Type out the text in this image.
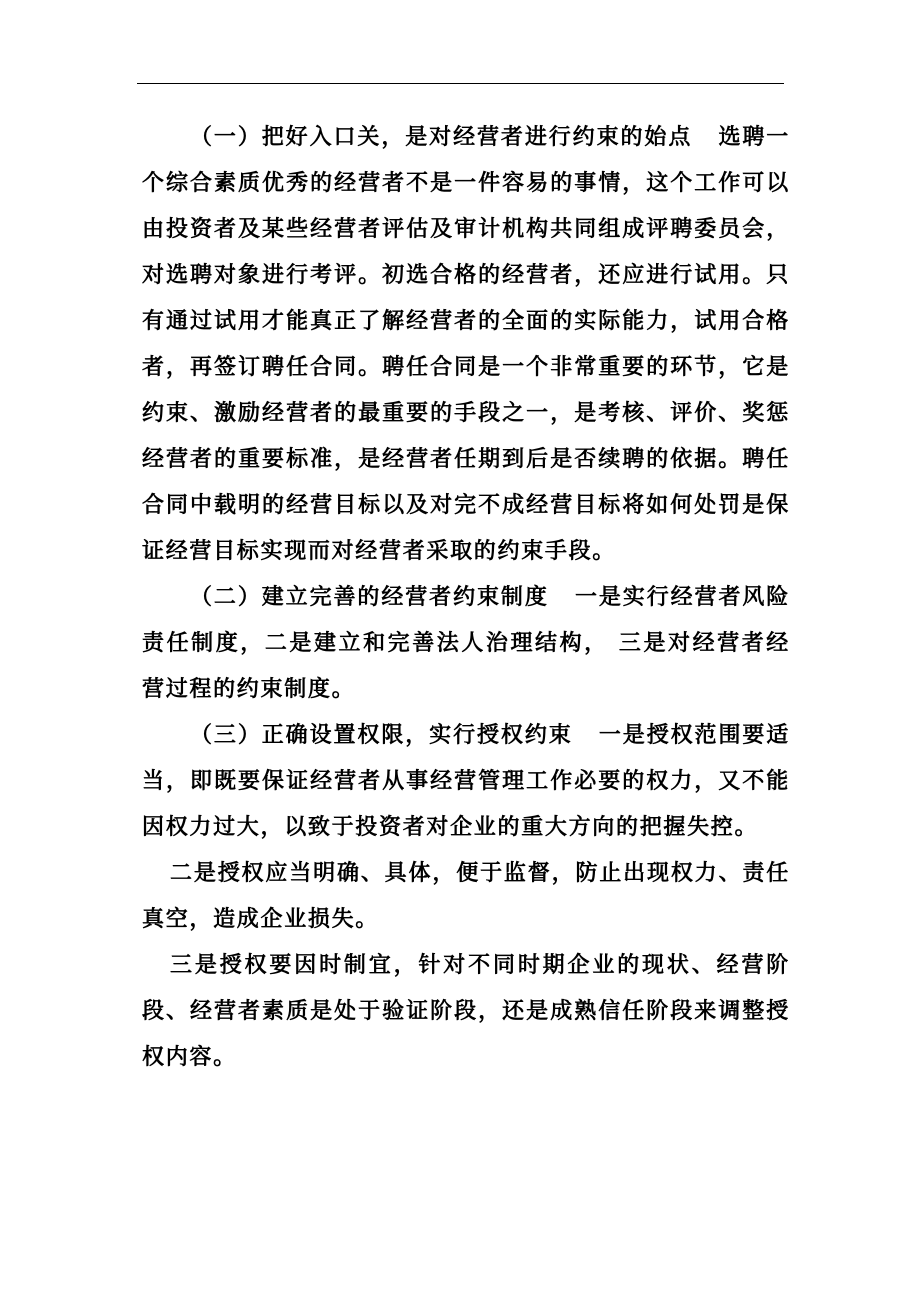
（一）把好入口关，是对经营者进行约束的始点 选聘一个综合素质优秀的经营者不是一件容易的事情，这个工作可以由投资者及某些经营者评估及审计机构共同组成评聘委员会，对选聘对象进行考评。初选合格的经营者，还应进行试用。只有通过试用才能真正了解经营者的全面的实际能力，试用合格者，再签订聘任合同。聘任合同是一个非常重要的环节，它是约束、激励经营者的最重要的手段之一，是考核、评价、奖惩经营者的重要标准，是经营者任期到后是否续聘的依据。聘任合同中载明的经营目标以及对完不成经营目标将如何处罚是保证经营目标实现而对经营者采取的约束手段。

（二）建立完善的经营者约束制度 一是实行经营者风险责任制度，二是建立和完善法人治理结构， 三是对经营者经营过程的约束制度。

（三）正确设置权限，实行授权约束 一是授权范围要适当，即既要保证经营者从事经营管理工作必要的权力，又不能因权力过大，以致于投资者对企业的重大方向的把握失控。

二是授权应当明确、具体，便于监督，防止出现权力、责任真空，造成企业损失。

三是授权要因时制宜，针对不同时期企业的现状、经营阶段、经营者素质是处于验证阶段，还是成熟信任阶段来调整授权内容。
